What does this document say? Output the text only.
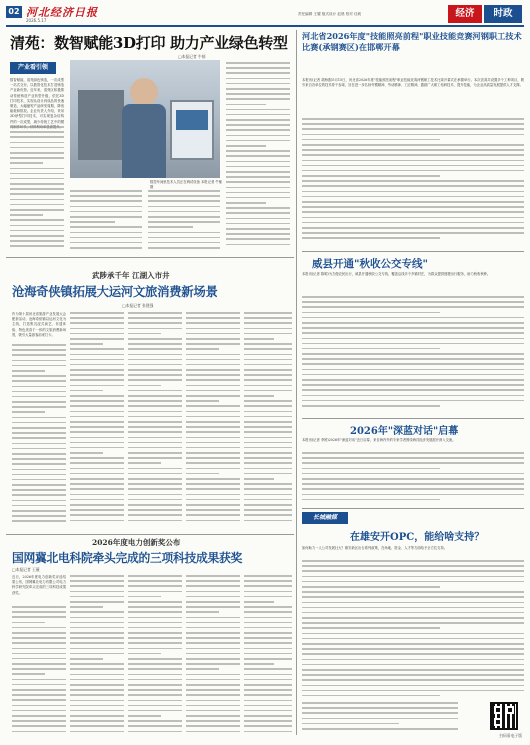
02 河北经济日报
2026.5.17
责任编辑 王耀 版式设计 赵晨 校对 佳莉	经济	时政
清苑：数智赋能3D打印 助力产业绿色转型
□本报记者 牛郁
产业看引领
数智赋能，清苑绿色铸造，一次成型 一站式交付，以数智化技术打造铸造产业新优势。近年来，清苑区积极推动传统铸造产业转型升级，依托3D打印技术，实现从设计到成品的快速制造，大幅缩短产品研发周期，降低能耗和排放。企业负责人介绍，采用3D砂型打印技术，可实现复杂结构件的一次成型，减少传统工艺中的模
数控车间里技术人员正在调试设备 本报记者 牛郁摄
河北省2026年度"技能照亮前程"职业技能竞赛河钢职工技术比赛(承钢赛区)在邯郸开幕
本报讯(记者 胡海燕)5月15日，河北省2026年度"技能照亮前程"职业技能竞赛河钢职工技术比赛开幕式在承德举行。本次竞赛共设置多个工种项目，吸引来自各单位的技术骨干参赛，旨在进一步弘扬劳模精神、劳动精神、工匠精神，激励广大职工钻研技术、提升技能，为企业高质量发展提供人才支撑。
武陟承千年 江湖入市井
沧海奇侠镇拓展大运河文旅消费新场景
□本报记者 张建强
作为第十届河北省旅游产业发展大会配套活动，沧海奇侠镇以运河文化为主线，打造集沉浸式演艺、非遗体验、特色美食于一体的文旅消费新场景，吸引大量游客前来打卡。
威县开通"秋收公交专线"
本报讯(记者 陈明)为方便农民出行，威县开通秋收公交专线，覆盖沿线多个乡镇村庄，为群众提供便捷出行服务，助力秋收秋种。
2026年"深蓝对话"启幕
本报讯(记者 李婷)2026年"深蓝对话"近日启幕，来自海内外的专家学者围绕海洋经济发展展开深入交流。
长城融媒
在雄安开OPC，能给啥支持？
如何助力一人公司发展壮大？雄安新区出台系列政策，在场地、资金、人才等方面给予全方位支持。
扫码看电子版
2026年度电力创新奖公布
国网冀北电科院牵头完成的三项科技成果获奖
□本报记者 王薇
近日，2026年度电力创新奖评选结果公布，国网冀北电力有限公司电力科学研究院牵头完成的三项科技成果获奖。
